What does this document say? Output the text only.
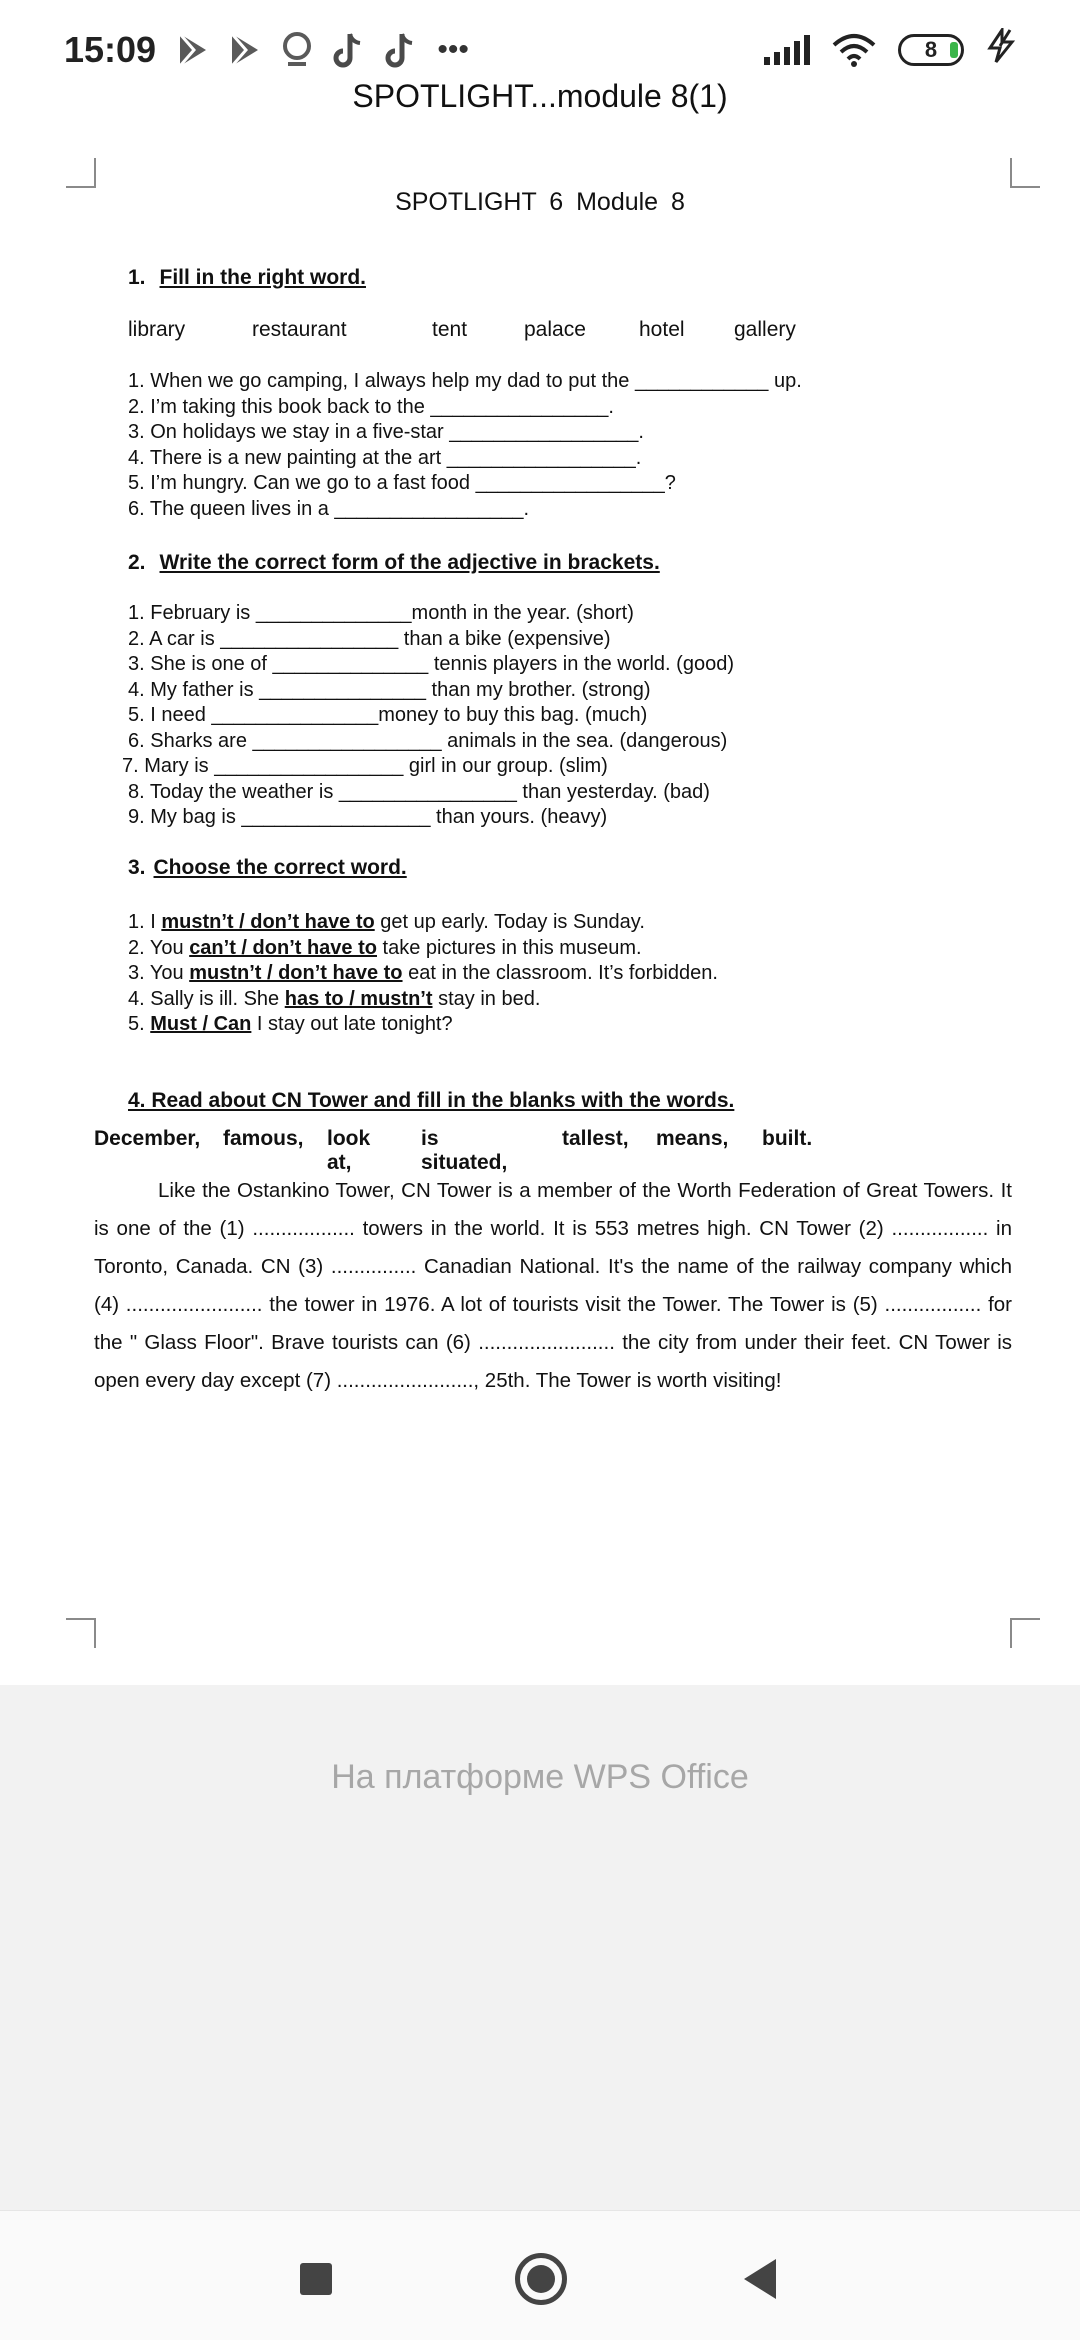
15:09	•••	8
SPOTLIGHT...module 8(1)
SPOTLIGHT 6 Module 8
1. Fill in the right word.
library	restaurant	tent	palace	hotel gallery
1. When we go camping, I always help my dad to put the ____________ up.
2. I’m taking this book back to the ________________.
3. On holidays we stay in a five-star _________________.
4. There is a new painting at the art _________________.
5. I’m hungry. Can we go to a fast food _________________?
6. The queen lives in a _________________.
2. Write the correct form of the adjective in brackets.
1. February is ______________month in the year. (short)
2. A car is ________________ than a bike (expensive)
3. She is one of ______________ tennis players in the world. (good)
4. My father is _______________ than my brother. (strong)
5. I need _______________money to buy this bag. (much)
6. Sharks are _________________ animals in the sea. (dangerous)
7. Mary is _________________ girl in our group. (slim)
8. Today the weather is ________________ than yesterday. (bad)
9. My bag is _________________ than yours. (heavy)
3. Choose the correct word.
1. I mustn’t / don’t have to get up early. Today is Sunday.
2. You can’t / don’t have to take pictures in this museum.
3. You mustn’t / don’t have to eat in the classroom. It’s forbidden.
4. Sally is ill. She has to / mustn’t stay in bed.
5. Must / Can I stay out late tonight?
4. Read about CN Tower and fill in the blanks with the words.
December, famous, look at,
is situated,
tallest, means, built.
Like the Ostankino Tower, CN Tower is a member of the Worth Federation of Great Towers. It is one of the (1) .................. towers in the world. It is 553 metres high. CN Tower (2) ................. in Toronto, Canada. CN (3) ............... Canadian National. It's the name of the railway company which (4) ........................ the tower in 1976. A lot of tourists visit the Tower. The Tower is (5) ................. for the " Glass Floor". Brave tourists can (6) ........................ the city from under their feet. CN Tower is open every day except (7) ........................, 25th. The Tower is worth visiting!
На платформе WPS Office
